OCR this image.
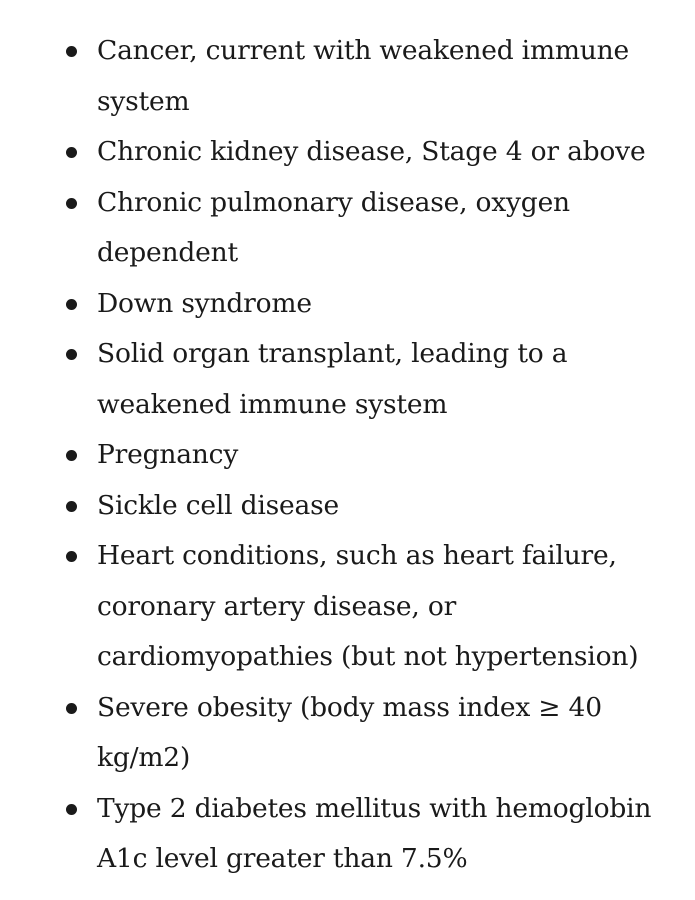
Cancer, current with weakened immune system
Chronic kidney disease, Stage 4 or above
Chronic pulmonary disease, oxygen dependent
Down syndrome
Solid organ transplant, leading to a weakened immune system
Pregnancy
Sickle cell disease
Heart conditions, such as heart failure, coronary artery disease, or cardiomyopathies (but not hypertension)
Severe obesity (body mass index ≥ 40 kg/m2)
Type 2 diabetes mellitus with hemoglobin A1c level greater than 7.5%
